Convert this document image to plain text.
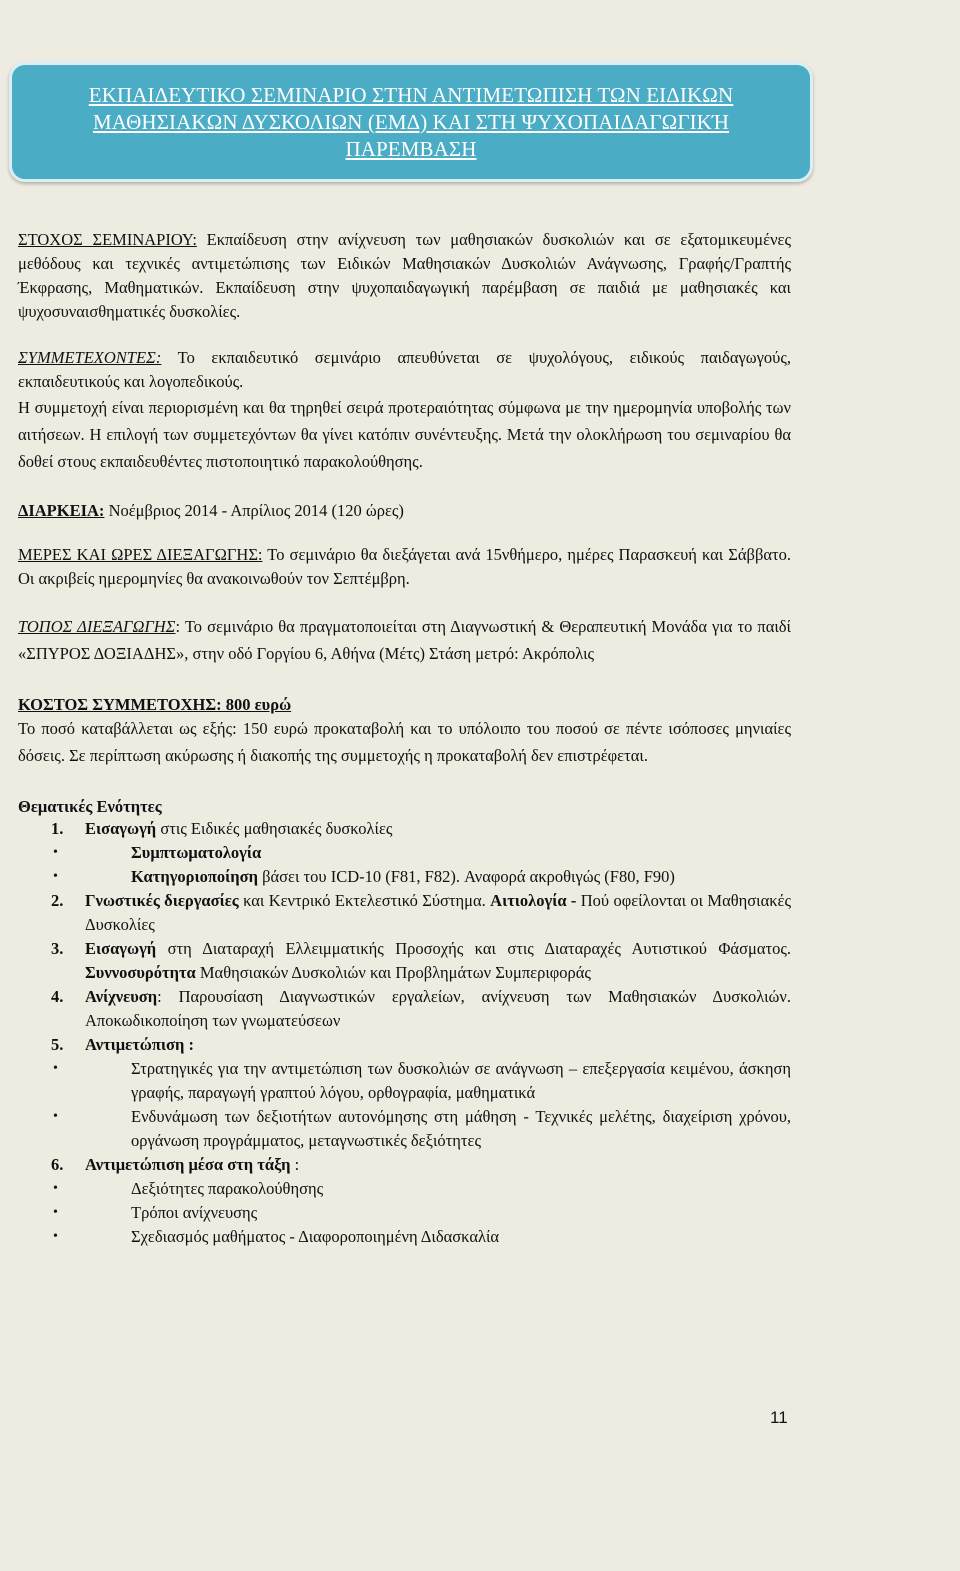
ΕΚΠΑΙΔΕΥΤΙΚΟ ΣΕΜΙΝΑΡΙΟ ΣΤΗΝ ΑΝΤΙΜΕΤΩΠΙΣΗ ΤΩΝ ΕΙΔΙΚΩΝ ΜΑΘΗΣΙΑΚΩΝ ΔΥΣΚΟΛΙΩΝ (ΕΜΔ) ΚΑΙ ΣΤΗ ΨΥΧΟΠΑΙΔΑΓΩΓΙΚΉ ΠΑΡΕΜΒΑΣΗ

ΣΤΟΧΟΣ ΣΕΜΙΝΑΡΙΟΥ: Εκπαίδευση στην ανίχνευση των μαθησιακών δυσκολιών και σε εξατομικευμένες μεθόδους και τεχνικές αντιμετώπισης των Ειδικών Μαθησιακών Δυσκολιών Ανάγνωσης, Γραφής/Γραπτής Έκφρασης, Μαθηματικών. Εκπαίδευση στην ψυχοπαιδαγωγική παρέμβαση σε παιδιά με μαθησιακές και ψυχοσυναισθηματικές δυσκολίες.

ΣΥΜΜΕΤΕΧΟΝΤΕΣ: Το εκπαιδευτικό σεμινάριο απευθύνεται σε ψυχολόγους, ειδικούς παιδαγωγούς, εκπαιδευτικούς και λογοπεδικούς.

Η συμμετοχή είναι περιορισμένη και θα τηρηθεί σειρά προτεραιότητας σύμφωνα με την ημερομηνία υποβολής των αιτήσεων. Η επιλογή των συμμετεχόντων θα γίνει κατόπιν συνέντευξης. Μετά την ολοκλήρωση του σεμιναρίου θα δοθεί στους εκπαιδευθέντες πιστοποιητικό παρακολούθησης.

ΔΙΑΡΚΕΙΑ: Νοέμβριος 2014 - Απρίλιος 2014 (120 ώρες)

ΜΕΡΕΣ ΚΑΙ ΩΡΕΣ ΔΙΕΞΑΓΩΓΗΣ: Το σεμινάριο θα διεξάγεται ανά 15νθήμερο, ημέρες Παρασκευή και Σάββατο. Οι ακριβείς ημερομηνίες θα ανακοινωθούν τον Σεπτέμβρη.

ΤΟΠΟΣ ΔΙΕΞΑΓΩΓΗΣ: Το σεμινάριο θα πραγματοποιείται στη Διαγνωστική & Θεραπευτική Μονάδα για το παιδί «ΣΠΥΡΟΣ ΔΟΞΙΑΔΗΣ», στην οδό Γοργίου 6, Αθήνα (Μέτς) Στάση μετρό: Ακρόπολις

ΚΟΣΤΟΣ ΣΥΜΜΕΤΟΧΗΣ: 800 ευρώ

Το ποσό καταβάλλεται ως εξής: 150 ευρώ προκαταβολή και το υπόλοιπο του ποσού σε πέντε ισόποσες μηνιαίες δόσεις. Σε περίπτωση ακύρωσης ή διακοπής της συμμετοχής η προκαταβολή δεν επιστρέφεται.

Θεματικές Ενότητες

1. Εισαγωγή στις Ειδικές μαθησιακές δυσκολίες
•	Συμπτωματολογία
•	Κατηγοριοποίηση βάσει του ICD-10 (F81, F82). Αναφορά ακροθιγώς (F80, F90)
2. Γνωστικές διεργασίες και Κεντρικό Εκτελεστικό Σύστημα. Αιτιολογία - Πού οφείλονται οι Μαθησιακές Δυσκολίες
3. Εισαγωγή στη Διαταραχή Ελλειμματικής Προσοχής και στις Διαταραχές Αυτιστικού Φάσματος. Συννοσυρότητα Μαθησιακών Δυσκολιών και Προβλημάτων Συμπεριφοράς
4. Ανίχνευση: Παρουσίαση Διαγνωστικών εργαλείων, ανίχνευση των Μαθησιακών Δυσκολιών. Αποκωδικοποίηση των γνωματεύσεων
5. Αντιμετώπιση :
•	Στρατηγικές για την αντιμετώπιση των δυσκολιών σε ανάγνωση – επεξεργασία κειμένου, άσκηση γραφής, παραγωγή γραπτού λόγου, ορθογραφία, μαθηματικά
•	Ενδυνάμωση των δεξιοτήτων αυτονόμησης στη μάθηση - Τεχνικές μελέτης, διαχείριση χρόνου, οργάνωση προγράμματος, μεταγνωστικές δεξιότητες
6. Αντιμετώπιση μέσα στη τάξη :
•	Δεξιότητες παρακολούθησης
•	Τρόποι ανίχνευσης
•	Σχεδιασμός μαθήματος - Διαφοροποιημένη Διδασκαλία
11
